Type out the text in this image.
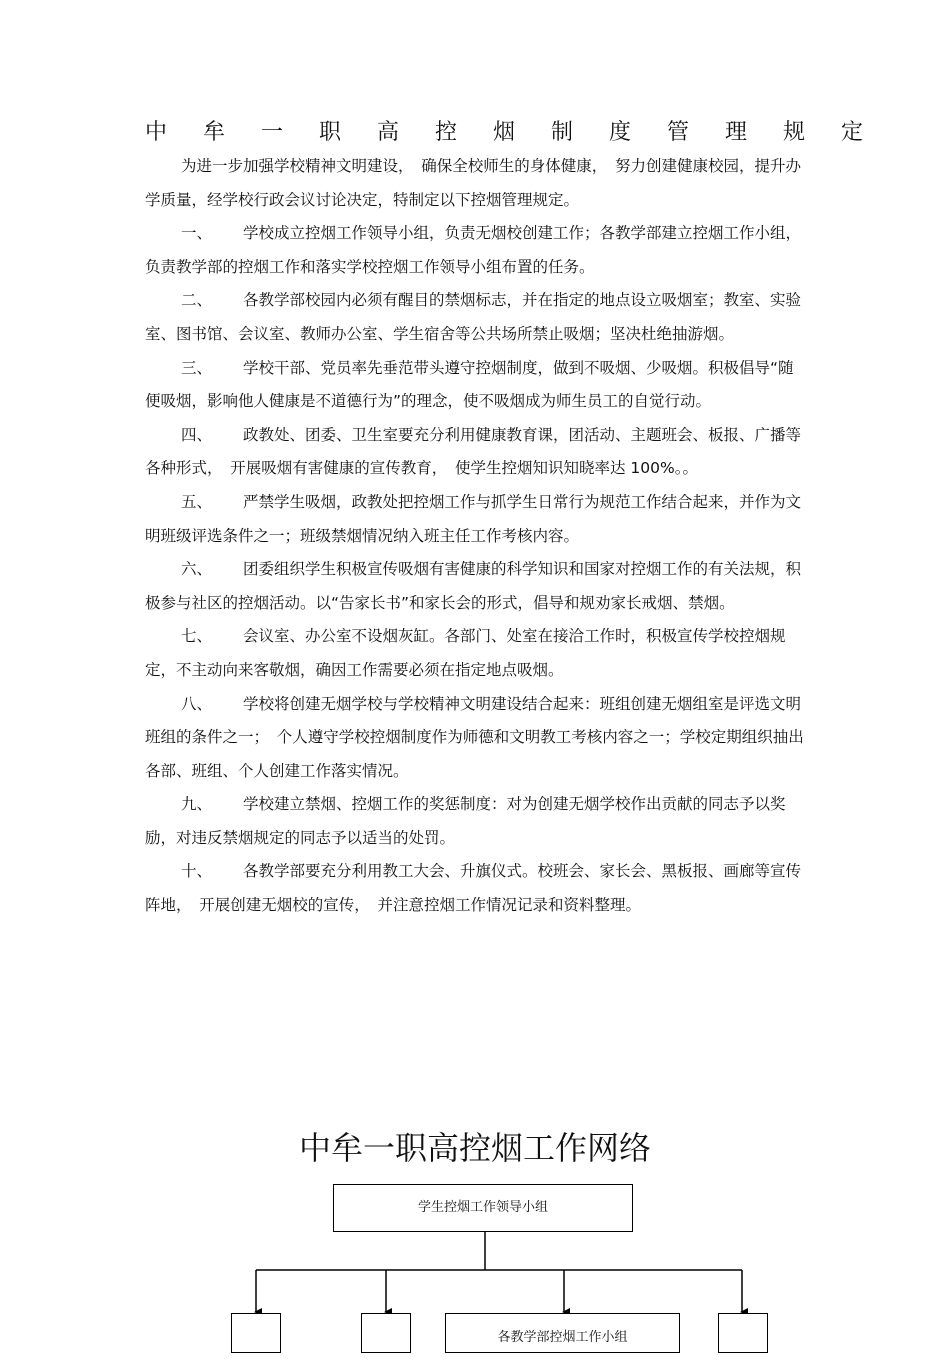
中牟一职高控烟制度管理规定

为进一步加强学校精神文明建设，　确保全校师生的身体健康，　努力创建健康校园，提升办学质量，经学校行政会议讨论决定，特制定以下控烟管理规定。

一、 学校成立控烟工作领导小组，负责无烟校创建工作；各教学部建立控烟工作小组，负责教学部的控烟工作和落实学校控烟工作领导小组布置的任务。

二、 各教学部校园内必须有醒目的禁烟标志，并在指定的地点设立吸烟室；教室、实验室、图书馆、会议室、教师办公室、学生宿舍等公共场所禁止吸烟；坚决杜绝抽游烟。

三、 学校干部、党员率先垂范带头遵守控烟制度，做到不吸烟、少吸烟。积极倡导“随便吸烟，影响他人健康是不道德行为”的理念，使不吸烟成为师生员工的自觉行动。

四、 政教处、团委、卫生室要充分利用健康教育课，团活动、主题班会、板报、广播等各种形式，　开展吸烟有害健康的宣传教育，　使学生控烟知识知晓率达 100%。。

五、 严禁学生吸烟，政教处把控烟工作与抓学生日常行为规范工作结合起来，并作为文明班级评选条件之一；班级禁烟情况纳入班主任工作考核内容。

六、 团委组织学生积极宣传吸烟有害健康的科学知识和国家对控烟工作的有关法规，积极参与社区的控烟活动。以“告家长书”和家长会的形式，倡导和规劝家长戒烟、禁烟。

七、 会议室、办公室不设烟灰缸。各部门、处室在接洽工作时，积极宣传学校控烟规定，不主动向来客敬烟，确因工作需要必须在指定地点吸烟。

八、 学校将创建无烟学校与学校精神文明建设结合起来：班组创建无烟组室是评选文明班组的条件之一；　个人遵守学校控烟制度作为师德和文明教工考核内容之一；学校定期组织抽出各部、班组、个人创建工作落实情况。

九、 学校建立禁烟、控烟工作的奖惩制度：对为创建无烟学校作出贡献的同志予以奖励，对违反禁烟规定的同志予以适当的处罚。

十、 各教学部要充分利用教工大会、升旗仪式。校班会、家长会、黑板报、画廊等宣传阵地，　开展创建无烟校的宣传，　并注意控烟工作情况记录和资料整理。

中牟一职高控烟工作网络
学生控烟工作领导小组
各教学部控烟工作小组
